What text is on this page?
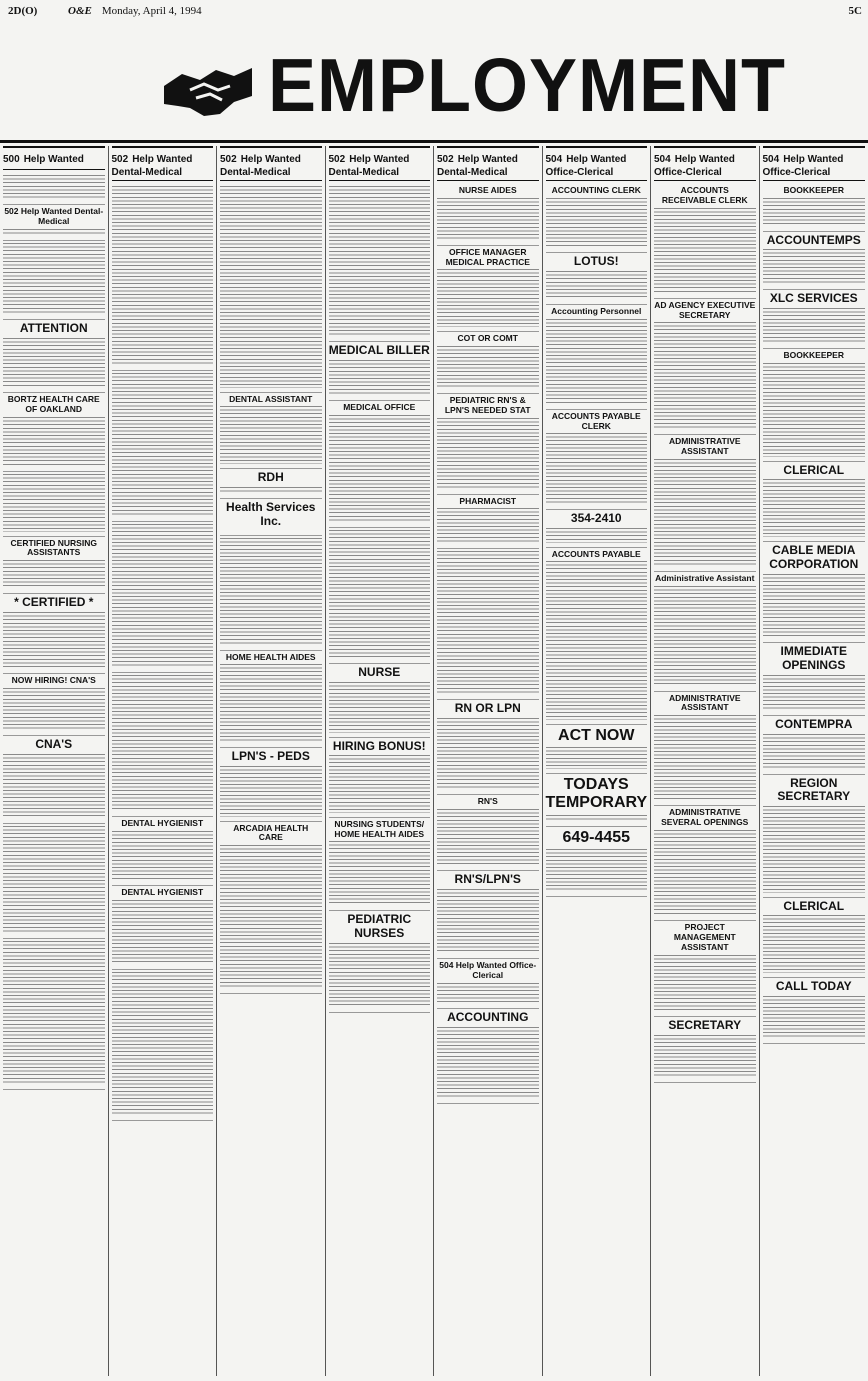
2D(O)	O&E Monday, April 4, 1994	5C
EMPLOYMENT
500 Help Wanted
502 Help Wanted Dental-Medical
ATTENTION
BORTZ HEALTH CARE OF OAKLAND
CERTIFIED NURSING ASSISTANTS
* CERTIFIED *
NOW HIRING! CNA'S
CNA'S
502 Help Wanted
Dental-Medical
DENTAL HYGIENIST
DENTAL HYGIENIST
502 Help Wanted
Dental-Medical
DENTAL ASSISTANT
RDH
Health Services Inc.
HOME HEALTH AIDES
LPN'S - PEDS
ARCADIA HEALTH CARE
502 Help Wanted
Dental-Medical
MEDICAL BILLER
MEDICAL OFFICE
NURSE
HIRING BONUS!
NURSING STUDENTS/ HOME HEALTH AIDES
PEDIATRIC NURSES
502 Help Wanted
Dental-Medical
NURSE AIDES
OFFICE MANAGER MEDICAL PRACTICE
COT OR COMT
PEDIATRIC RN'S & LPN'S NEEDED STAT
PHARMACIST
RN OR LPN
RN'S
RN'S/LPN'S
504 Help Wanted Office-Clerical
ACCOUNTING
504 Help Wanted
Office-Clerical
ACCOUNTING CLERK
LOTUS!
Accounting Personnel
ACCOUNTS PAYABLE CLERK
354-2410
ACCOUNTS PAYABLE
ACT NOW
TODAYS TEMPORARY
649-4455
504 Help Wanted
Office-Clerical
ACCOUNTS RECEIVABLE CLERK
AD AGENCY EXECUTIVE SECRETARY
ADMINISTRATIVE ASSISTANT
Administrative Assistant
ADMINISTRATIVE ASSISTANT
ADMINISTRATIVE SEVERAL OPENINGS
PROJECT MANAGEMENT ASSISTANT
SECRETARY
504 Help Wanted
Office-Clerical
BOOKKEEPER
ACCOUNTEMPS
XLC SERVICES
BOOKKEEPER
CLERICAL
CABLE MEDIA CORPORATION
IMMEDIATE OPENINGS
CONTEMPRA
REGION SECRETARY
CLERICAL
CALL TODAY
